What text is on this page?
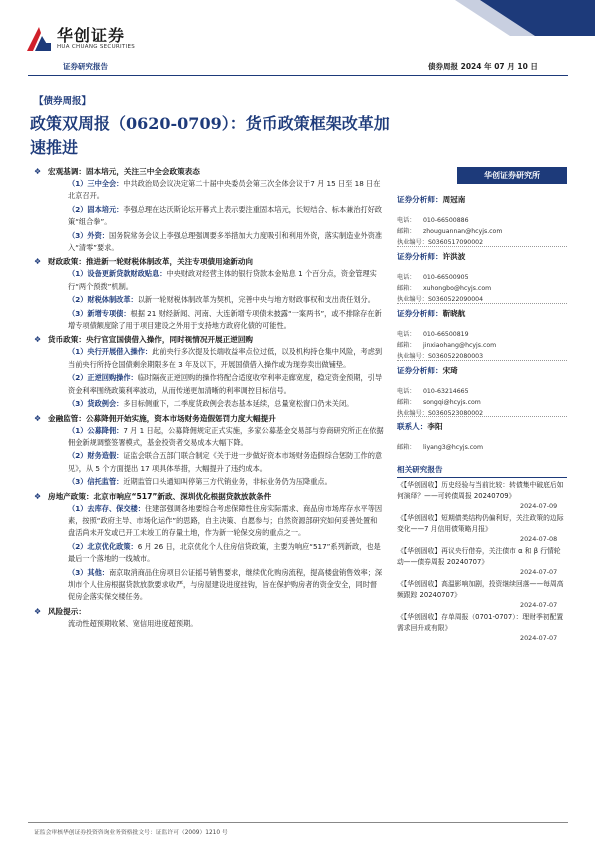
华创证券
HUA CHUANG SECURITIES
证券研究报告	债券周报 2024 年 07 月 10 日
【债券周报】
政策双周报（0620-0709）：货币政策框架改革加速推进
❖ 宏观基调：固本培元，关注三中全会政策表态
（1）三中全会：中共政治局会议决定第二十届中央委员会第三次全体会议于7 月 15 日至 18 日在北京召开。
（2）固本培元：李强总理在达沃斯论坛开幕式上表示要注重固本培元，长短结合、标本兼治打好政策“组合拳”。
（3）外资：国务院常务会议上李强总理强调要多举措加大力度吸引和利用外资，落实制造业外资准入“清零”要求。
❖ 财政政策：推进新一轮财税体制改革，关注专项债用途新动向
（1）设备更新贷款财政贴息：中央财政对经营主体的银行贷款本金贴息 1 个百分点，资金管理实行“两个预拨”机制。
（2）财税体制改革：以新一轮财税体制改革为契机，完善中央与地方财政事权和支出责任划分。
（3）新增专项债：根据 21 财经新闻、河南、大连新增专项债未披露“一案两书”，或不排除存在新增专项债额度除了用于项目建设之外用于支持地方政府化债的可能性。
❖ 货币政策：央行官宣国债借入操作，同时视情况开展正逆回购
（1）央行开展借入操作：此前央行多次提及长端收益率点位过低，以及机构持仓集中风险，考虑到当前央行所持仓国债剩余期限多在 3 年及以下，开展国债借入操作或为现券卖出做铺垫。
（2）正逆回购操作：临时隔夜正逆回购的操作将配合适度收窄利率走廊宽度，稳定资金预期，引导资金利率围绕政策利率波动，从而传递更加清晰的利率调控目标信号。
（3）货政例会：多目标侧重下，二季度货政例会表态基本延续，总量宽松窗口仍未关闭。
❖ 金融监管：公募降佣开始实施，资本市场财务造假惩罚力度大幅提升
（1）公募降佣：7 月 1 日起，公募降佣规定正式实施，多家公募基金交易部与券商研究所正在依据佣金新规调整签署模式，基金投资者交易成本大幅下降。
（2）财务造假：证监会联合五部门联合制定《关于进一步做好资本市场财务造假综合惩防工作的意见》，从 5 个方面提出 17 项具体举措，大幅提升了违约成本。
（3）信托监管：近期监管口头通知叫停第三方代销业务，非标业务仍为压降重点。
❖ 房地产政策：北京市响应“517”新政、深圳优化根据贷款放款条件
（1）去库存、保交楼：住建部强调各地要综合考虑保障性住房实际需求、商品房市场库存水平等因素，按照“政府主导、市场化运作”的思路，自主决策、自愿参与；自然资源部研究如何妥善处置和盘活尚未开发或已开工未竣工的存量土地，作为新一轮保交房的重点之一。
（2）北京优化政策：6 月 26 日，北京优化个人住房信贷政策，主要为响应“517”系列新政，也是最后一个落地的一线城市。
（3）其他：南京取消商品住房项目公证摇号销售要求，继续优化购房流程，提高楼盘销售效率；深圳市个人住房根据贷款放款要求收严，与房屋建设进度挂钩，旨在保护购房者的资金安全，同时督促房企落实保交楼任务。
❖ 风险提示：
流动性超预期收紧、宽信用进度超预期。
华创证券研究所
证券分析师：周冠南
电话： 010-66500886
邮箱： zhouguannan@hcyjs.com
执业编号：S0360517090002
证券分析师：许洪波
电话： 010-66500905
邮箱： xuhongbo@hcyjs.com
执业编号：S0360522090004
证券分析师：靳晓航
电话： 010-66500819
邮箱： jinxiaohang@hcyjs.com
执业编号：S0360522080003
证券分析师：宋琦
电话： 010-63214665
邮箱： songqi@hcyjs.com
执业编号：S0360523080002
联系人：李阳
邮箱： liyang3@hcyjs.com
相关研究报告
《【华创固收】历史经验与当前比较：转债集中破底后如何演绎？——可转债周报 20240709》
2024-07-09
《【华创固收】短期债类结构仍偏利好，关注政策的边际变化——7 月信用债策略月报》
2024-07-08
《【华创固收】再议央行借券，关注债市 α 和 β 行情轮动——债券周报 20240707》
2024-07-07
《【华创固收】高温影响加剧，投资继续回落——每周高频跟踪 20240707》
2024-07-07
《【华创固收】存单周报（0701-0707）：理财季初配置需求回升或有限》
2024-07-07
证监会审核华创证券投资咨询业务资格批文号：证监许可（2009）1210 号
